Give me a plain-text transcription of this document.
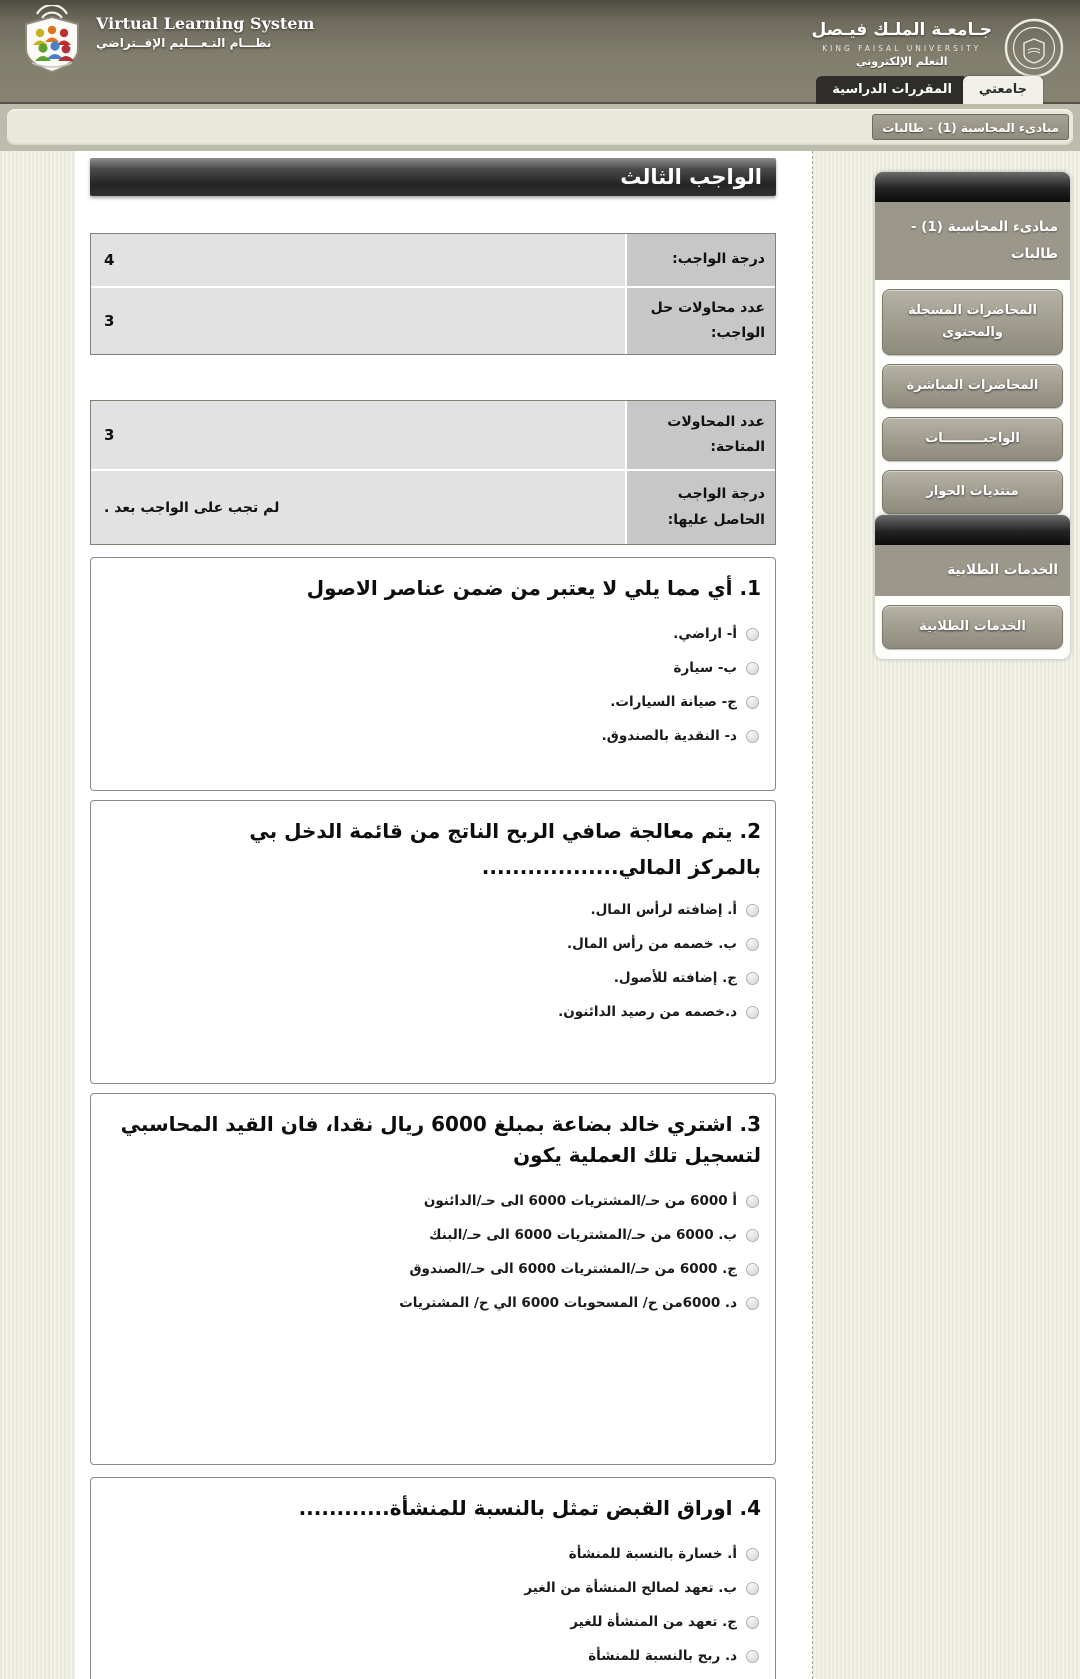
Virtual Learning System
نظـــام التـعـــليم الإفــتراضي
جـامعـة الملـك فيـصل
KING FAISAL UNIVERSITY
التعلم الإلكتروني
المقررات الدراسية	جامعتي
مبادىء المحاسبة (1) - طالبات
الواجب الثالث
4	درجة الواجب:
3
عدد محاولات حل الواجب:
3
عدد المحاولات المتاحة:
لم تجب على الواجب بعد .
درجة الواجب الحاصل عليها:
1. أي مما يلي لا يعتبر من ضمن عناصر الاصول
أ- اراضي.
ب- سيارة
ج- صيانة السيارات.
د- النقدية بالصندوق.
2. يتم معالجة صافي الربح الناتج من قائمة الدخل بي
..................بالمركز المالي
أ. إضافته لرأس المال.
ب. خصمه من رأس المال.
ج. إضافته للأصول.
د.خصمه من رصيد الدائنون.
3. اشتري خالد بضاعة بمبلغ 6000 ريال نقدا، فان القيد المحاسبي لتسجيل تلك العملية يكون
أ 6000 من حـ/المشتريات 6000 الى حـ/الدائنون
ب. 6000 من حـ/المشتريات 6000 الى حـ/البنك
ج. 6000 من حـ/المشتريات 6000 الى حـ/الصندوق
د. 6000من ح/ المسحوبات 6000 الي ح/ المشتريات
4. اوراق القبض تمثل بالنسبة للمنشأة............
أ. خسارة بالنسبة للمنشأة
ب. تعهد لصالح المنشأة من الغير
ج. تعهد من المنشأة للغير
د. ربح بالنسبة للمنشأة
مبادىء المحاسبة (1) - طالبات
المحاضرات المسجلة والمحتوى
المحاضرات المباشرة
الواجبـــــــــات
منتديات الحوار
الخدمات الطلابية
الخدمات الطلابية
